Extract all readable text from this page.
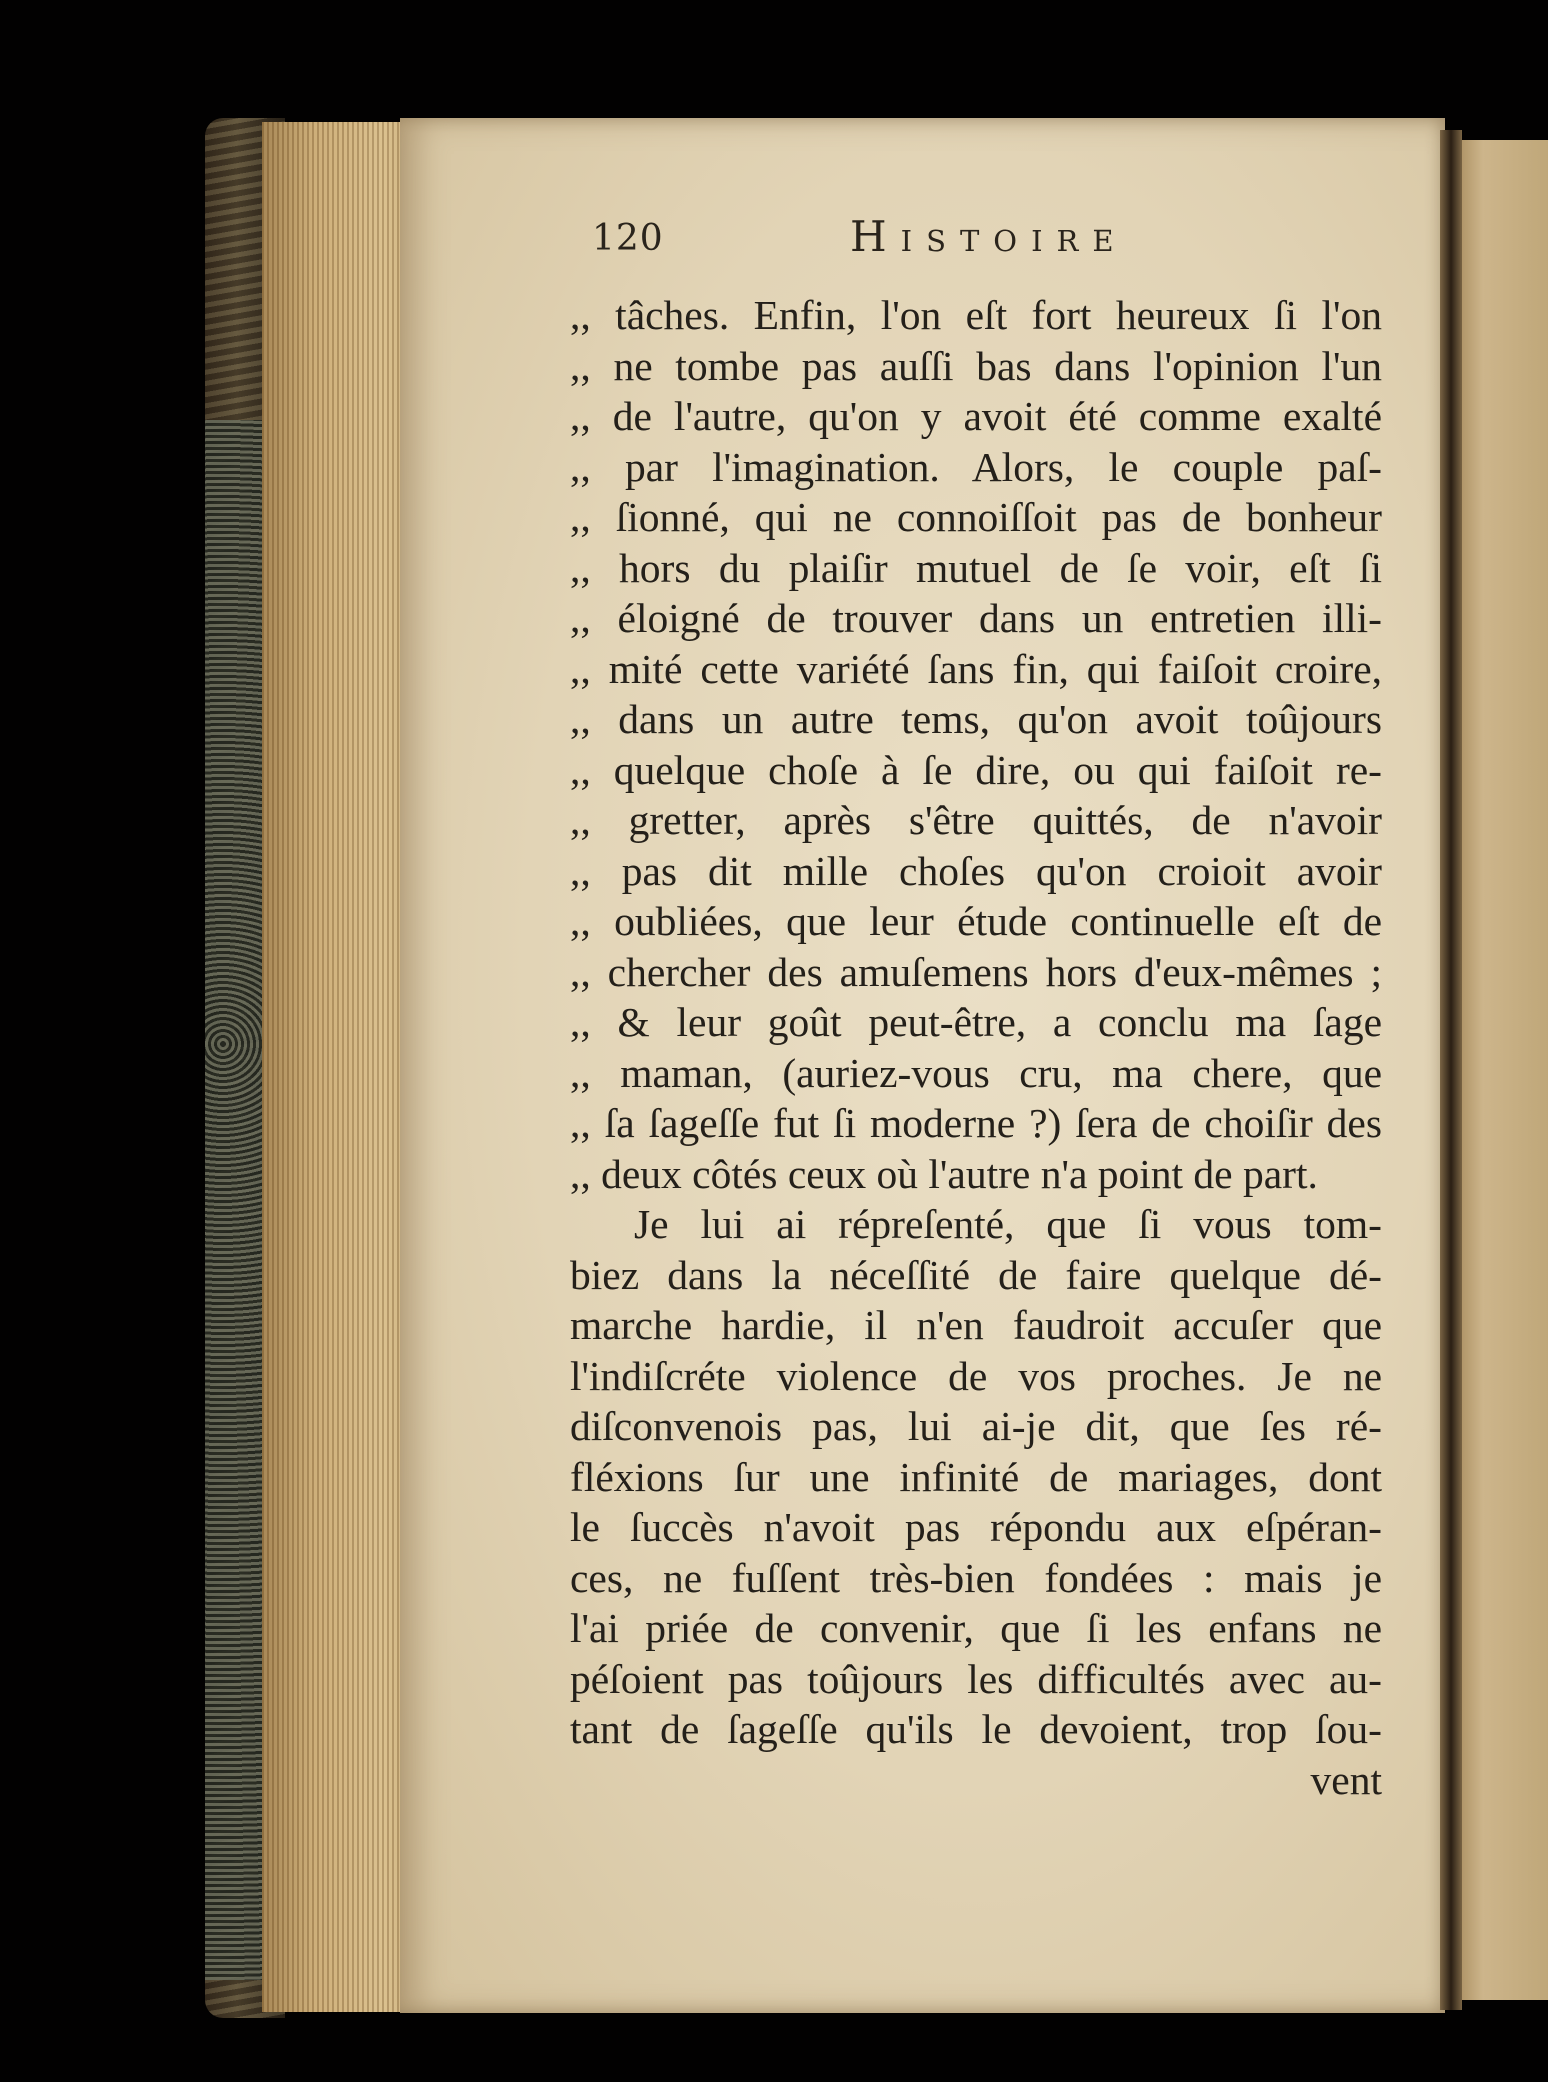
120	Histoire
,, tâches. Enfin, l'on eſt fort heureux ſi l'on
,, ne tombe pas auſſi bas dans l'opinion l'un
,, de l'autre, qu'on y avoit été comme exalté
,, par l'imagination. Alors, le couple paſ-
,, ſionné, qui ne connoiſſoit pas de bonheur
,, hors du plaiſir mutuel de ſe voir, eſt ſi
,, éloigné de trouver dans un entretien illi-
,, mité cette variété ſans fin, qui faiſoit croire,
,, dans un autre tems, qu'on avoit toûjours
,, quelque choſe à ſe dire, ou qui faiſoit re-
,, gretter, après s'être quittés, de n'avoir
,, pas dit mille choſes qu'on croioit avoir
,, oubliées, que leur étude continuelle eſt de
,, chercher des amuſemens hors d'eux-mêmes ;
,, & leur goût peut-être, a conclu ma ſage
,, maman, (auriez-vous cru, ma chere, que
,, ſa ſageſſe fut ſi moderne ?) ſera de choiſir des
,, deux côtés ceux où l'autre n'a point de part.
Je lui ai répreſenté, que ſi vous tom-
biez dans la néceſſité de faire quelque dé-
marche hardie, il n'en faudroit accuſer que
l'indiſcréte violence de vos proches. Je ne
diſconvenois pas, lui ai-je dit, que ſes ré-
fléxions ſur une infinité de mariages, dont
le ſuccès n'avoit pas répondu aux eſpéran-
ces, ne fuſſent très-bien fondées : mais je
l'ai priée de convenir, que ſi les enfans ne
péſoient pas toûjours les difficultés avec au-
tant de ſageſſe qu'ils le devoient, trop ſou-
vent
